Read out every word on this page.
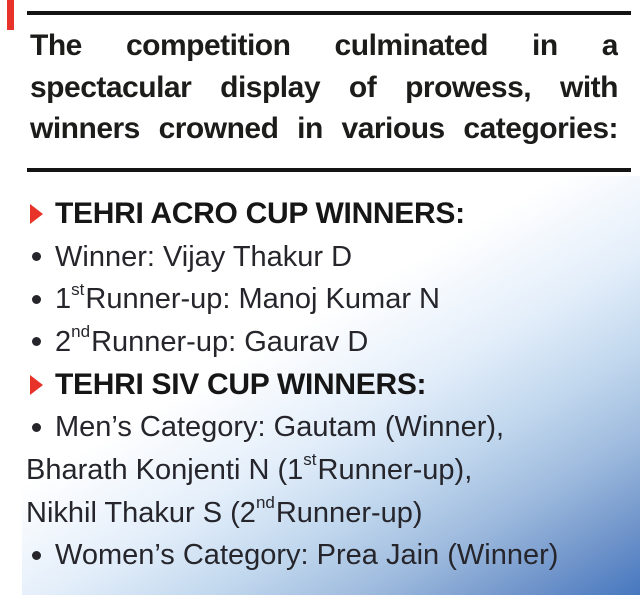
The competition culminated in a
spectacular display of prowess, with
winners crowned in various categories:
TEHRI ACRO CUP WINNERS:
Winner: Vijay Thakur D
1 st Runner-up: Manoj Kumar N
2 nd Runner-up: Gaurav D
TEHRI SIV CUP WINNERS:
Men’s Category: Gautam (Winner),
Bharath Konjenti N (1 st Runner-up),
Nikhil Thakur S (2 nd Runner-up)
Women’s Category: Prea Jain (Winner)
